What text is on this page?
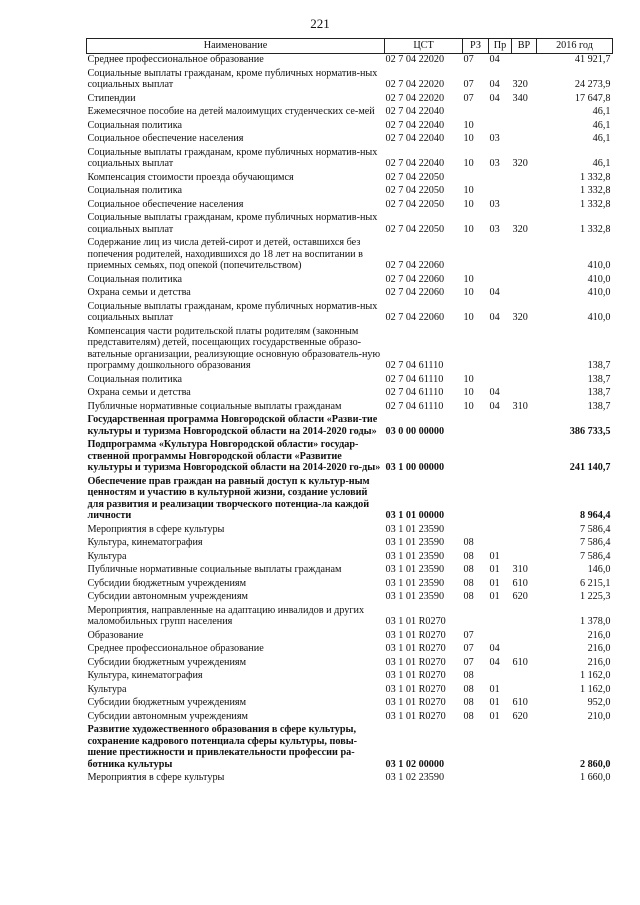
221
Наименование	ЦСТ	РЗ	Пр	ВР	2016 год
Среднее профессиональное образование	02 7 04 22020	07	04		41 921,7
Социальные выплаты гражданам, кроме публичных норматив-ных социальных выплат	02 7 04 22020	07	04	320	24 273,9
Стипендии	02 7 04 22020	07	04	340	17 647,8
Ежемесячное пособие на детей малоимущих студенческих се-мей	02 7 04 22040				46,1
Социальная политика	02 7 04 22040	10			46,1
Социальное обеспечение населения	02 7 04 22040	10	03		46,1
Социальные выплаты гражданам, кроме публичных норматив-ных социальных выплат	02 7 04 22040	10	03	320	46,1
Компенсация стоимости проезда обучающимся	02 7 04 22050				1 332,8
Социальная политика	02 7 04 22050	10			1 332,8
Социальное обеспечение населения	02 7 04 22050	10	03		1 332,8
Социальные выплаты гражданам, кроме публичных норматив-ных социальных выплат	02 7 04 22050	10	03	320	1 332,8
Содержание лиц из числа детей-сирот и детей, оставшихся без попечения родителей, находившихся до 18 лет на воспитании в приемных семьях, под опекой (попечительством)	02 7 04 22060				410,0
Социальная политика	02 7 04 22060	10			410,0
Охрана семьи и детства	02 7 04 22060	10	04		410,0
Социальные выплаты гражданам, кроме публичных норматив-ных социальных выплат	02 7 04 22060	10	04	320	410,0
Компенсация части родительской платы родителям (законным представителям) детей, посещающих государственные образо-вательные организации, реализующие основную образователь-ную программу дошкольного образования	02 7 04 61110				138,7
Социальная политика	02 7 04 61110	10			138,7
Охрана семьи и детства	02 7 04 61110	10	04		138,7
Публичные нормативные социальные выплаты гражданам	02 7 04 61110	10	04	310	138,7
Государственная программа Новгородской области «Разви-тие культуры и туризма Новгородской области на 2014-2020 годы»	03 0 00 00000				386 733,5
Подпрограмма «Культура Новгородской области» государ-ственной программы Новгородской области «Развитие культуры и туризма Новгородской области на 2014-2020 го-ды»	03 1 00 00000				241 140,7
Обеспечение прав граждан на равный доступ к культур-ным ценностям и участию в культурной жизни, создание условий для развития и реализации творческого потенциа-ла каждой личности	03 1 01 00000				8 964,4
Мероприятия в сфере культуры	03 1 01 23590				7 586,4
Культура, кинематография	03 1 01 23590	08			7 586,4
Культура	03 1 01 23590	08	01		7 586,4
Публичные нормативные социальные выплаты гражданам	03 1 01 23590	08	01	310	146,0
Субсидии бюджетным учреждениям	03 1 01 23590	08	01	610	6 215,1
Субсидии автономным учреждениям	03 1 01 23590	08	01	620	1 225,3
Мероприятия, направленные на адаптацию инвалидов и других маломобильных групп населения	03 1 01 R0270				1 378,0
Образование	03 1 01 R0270	07			216,0
Среднее профессиональное образование	03 1 01 R0270	07	04		216,0
Субсидии бюджетным учреждениям	03 1 01 R0270	07	04	610	216,0
Культура, кинематография	03 1 01 R0270	08			1 162,0
Культура	03 1 01 R0270	08	01		1 162,0
Субсидии бюджетным учреждениям	03 1 01 R0270	08	01	610	952,0
Субсидии автономным учреждениям	03 1 01 R0270	08	01	620	210,0
Развитие художественного образования в сфере культуры, сохранение кадрового потенциала сферы культуры, повы-шение престижности и привлекательности профессии ра-ботника культуры	03 1 02 00000				2 860,0
Мероприятия в сфере культуры	03 1 02 23590				1 660,0
